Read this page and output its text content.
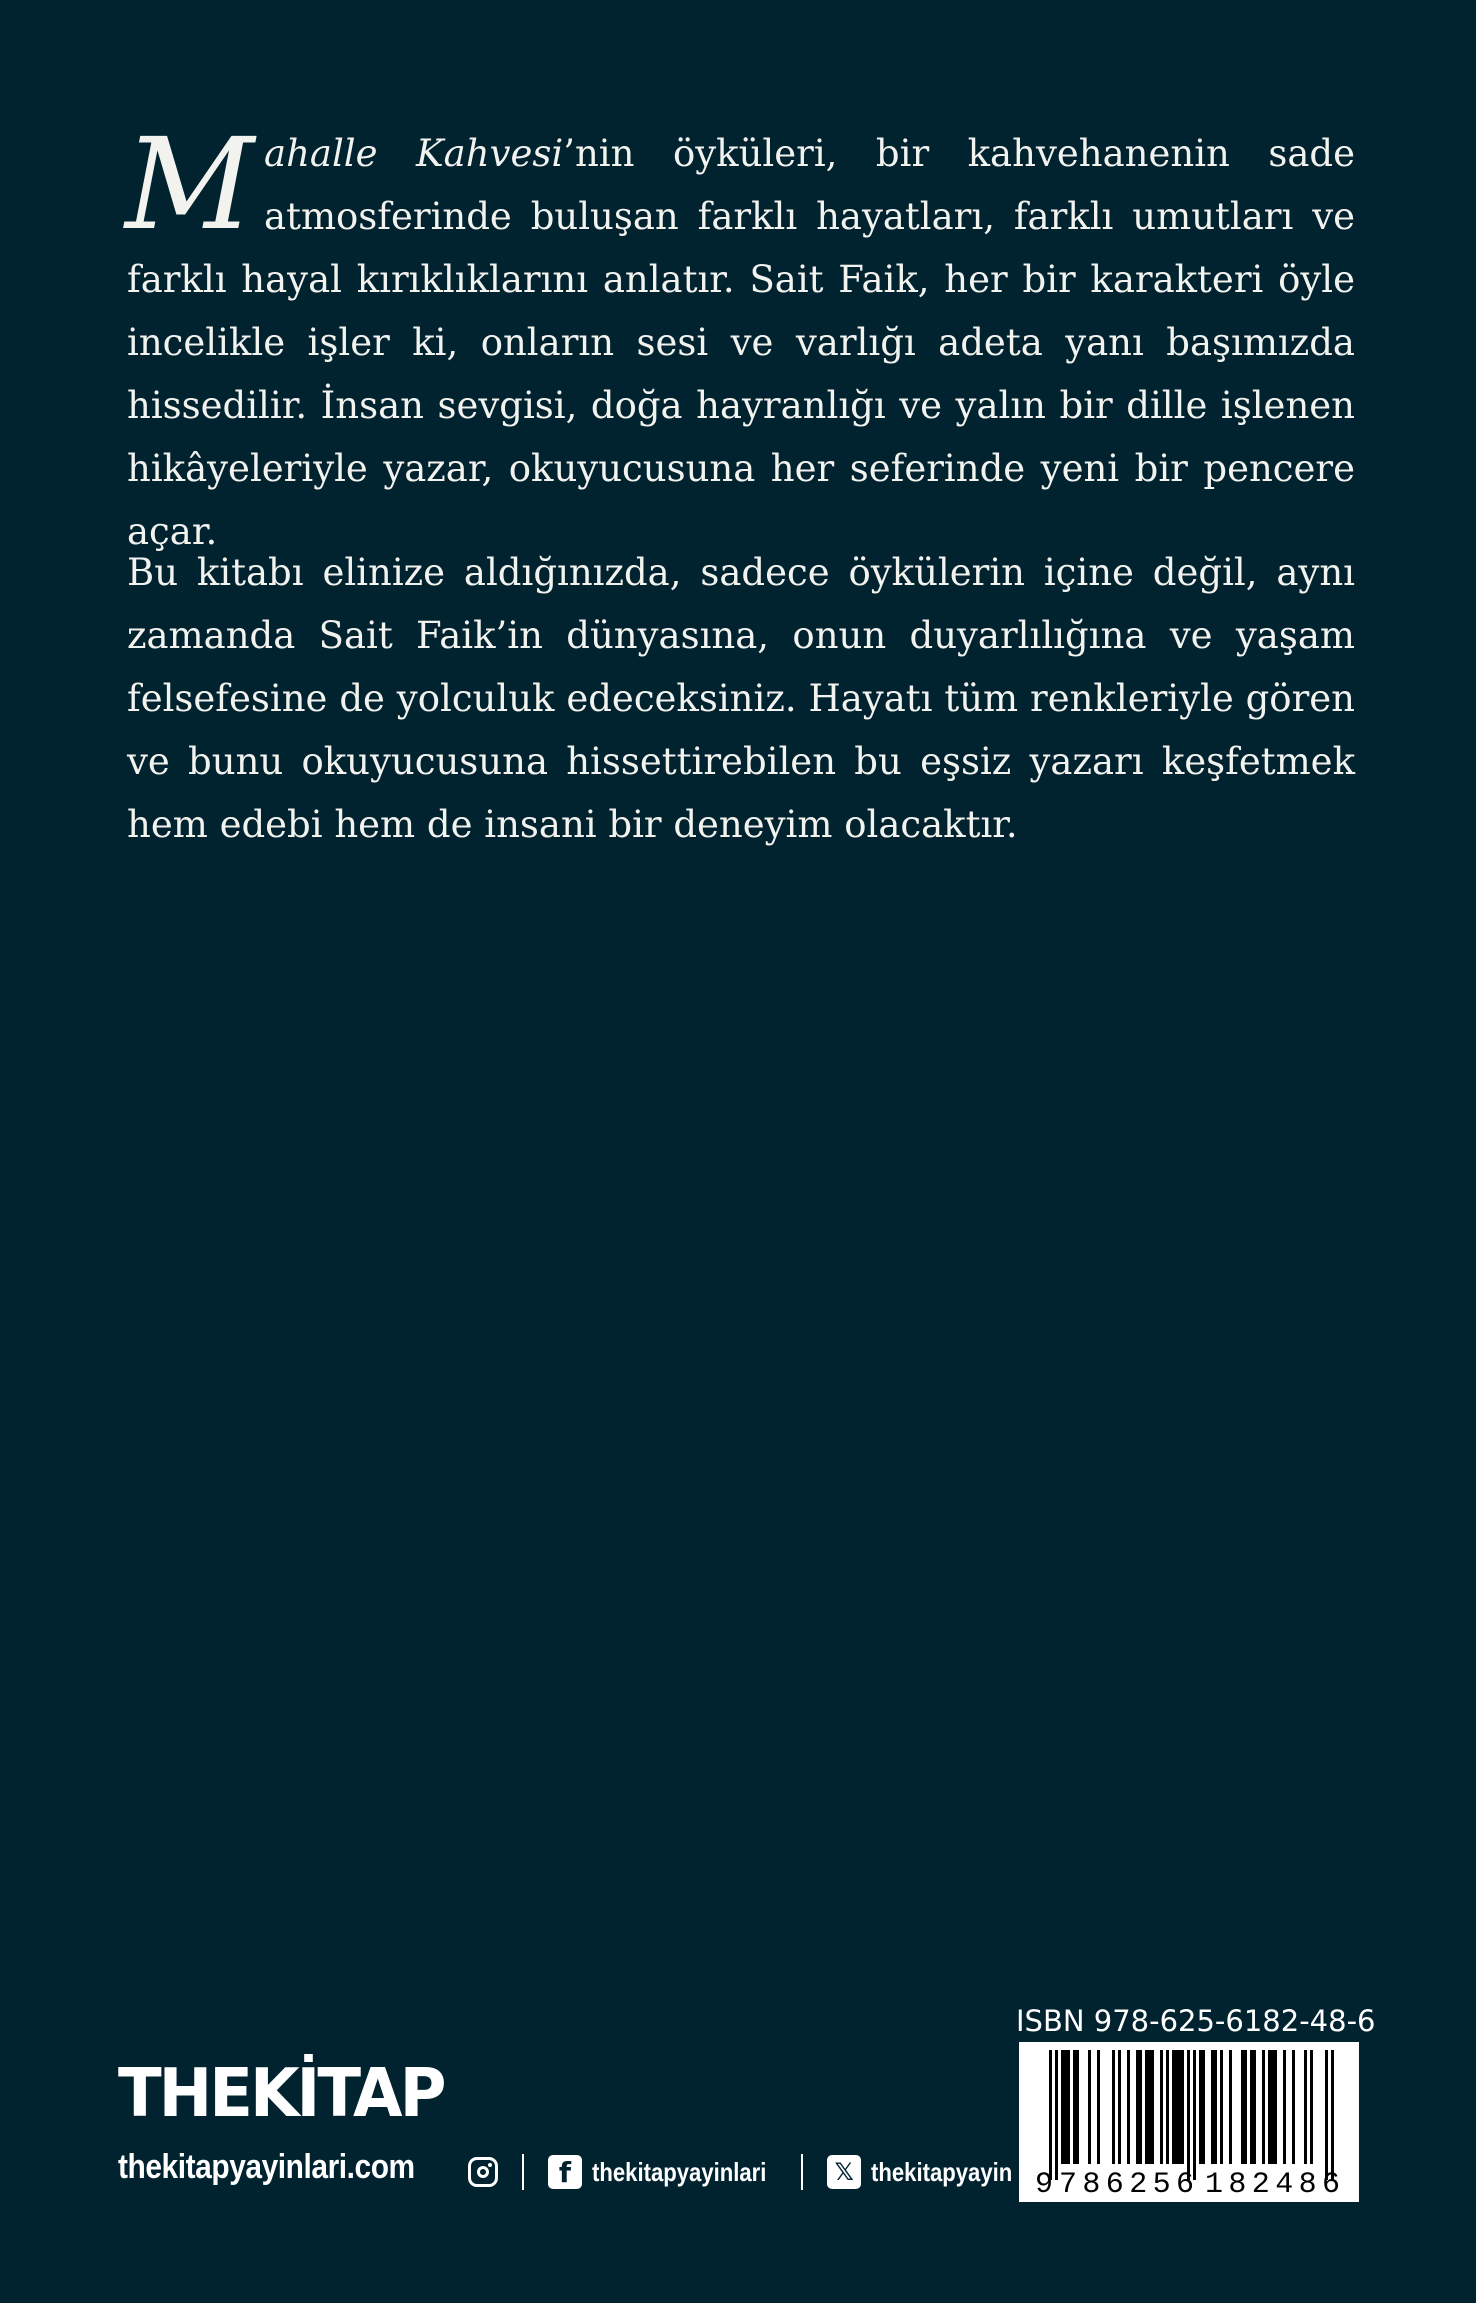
M ahalle Kahvesi’nin öyküleri, bir kahvehanenin sade atmosferinde buluşan farklı hayatları, farklı umutları ve farklı hayal kırıklıklarını anlatır. Sait Faik, her bir karakteri öyle incelikle işler ki, onların sesi ve varlığı adeta yanı başımızda hissedilir. İnsan sevgisi, doğa hayranlığı ve yalın bir dille işlenen hikâyeleriyle yazar, okuyucusuna her seferinde yeni bir pencere açar.

Bu kitabı elinize aldığınızda, sadece öykülerin içine değil, aynı zamanda Sait Faik’in dünyasına, onun duyarlılığına ve yaşam felsefesine de yolculuk edeceksiniz. Hayatı tüm renkleriyle gören ve bunu okuyucusuna hissettirebilen bu eşsiz yazarı keşfetmek hem edebi hem de insani bir deneyim olacaktır.

THEKİTAP
thekitapyayinlari.com	f thekitapyayinlari	𝕏 thekitapyayin
ISBN 978-625-6182-48-6
9 786256 182486
